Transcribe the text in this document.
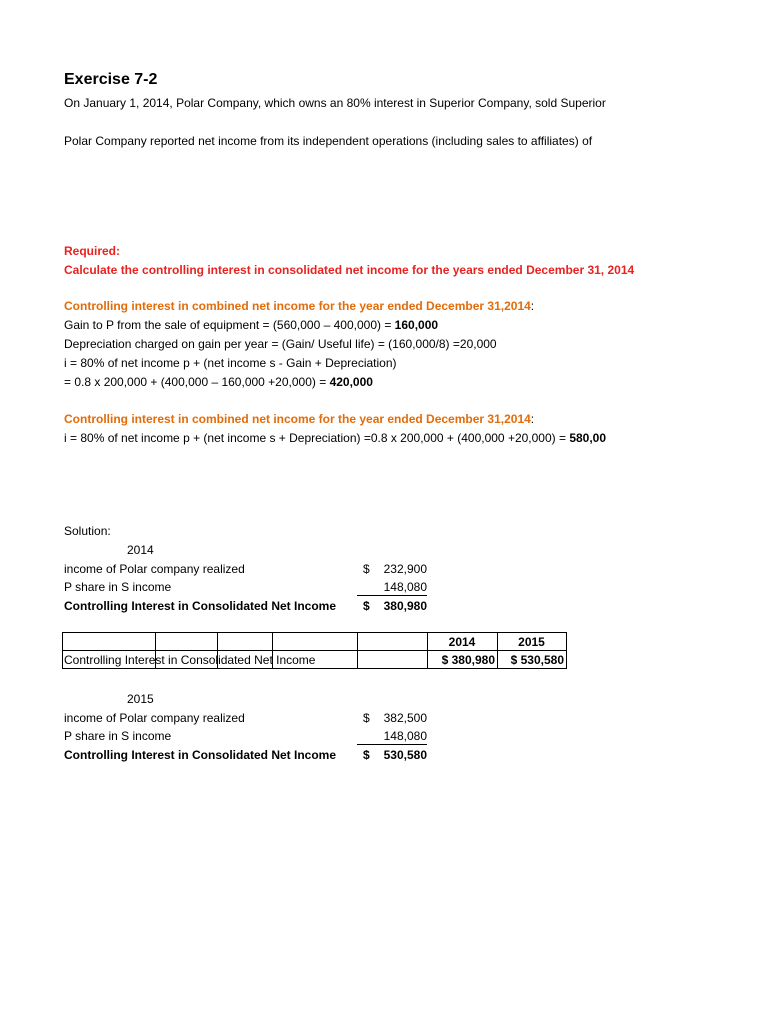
Exercise 7-2
On January 1, 2014, Polar Company, which owns an 80% interest in Superior Company, sold Superior
Polar Company reported net income from its independent operations (including sales to affiliates) of
Required:
Calculate the controlling interest in consolidated net income for the years ended December 31, 2014
Controlling interest in combined net income for the year ended December 31,2014:
Gain to P from the sale of equipment = (560,000 – 400,000) = 160,000
Depreciation charged on gain per year = (Gain/ Useful life) = (160,000/8) =20,000
i = 80% of net income p + (net income s - Gain + Depreciation)
= 0.8 x 200,000 + (400,000 – 160,000 +20,000) = 420,000
Controlling interest in combined net income for the year ended December 31,2014:
i = 80% of net income p + (net income s + Depreciation) =0.8 x 200,000 + (400,000 +20,000) = 580,00
Solution:
2014
income of Polar company realized	$	232,900
P share in S income	148,080
Controlling Interest in Consolidated Net Income $	380,980
2014	2015
Controlling Interest in Consolidated Net Income	$ 380,980	$ 530,580
2015
income of Polar company realized	$	382,500
P share in S income	148,080
Controlling Interest in Consolidated Net Income $	530,580
